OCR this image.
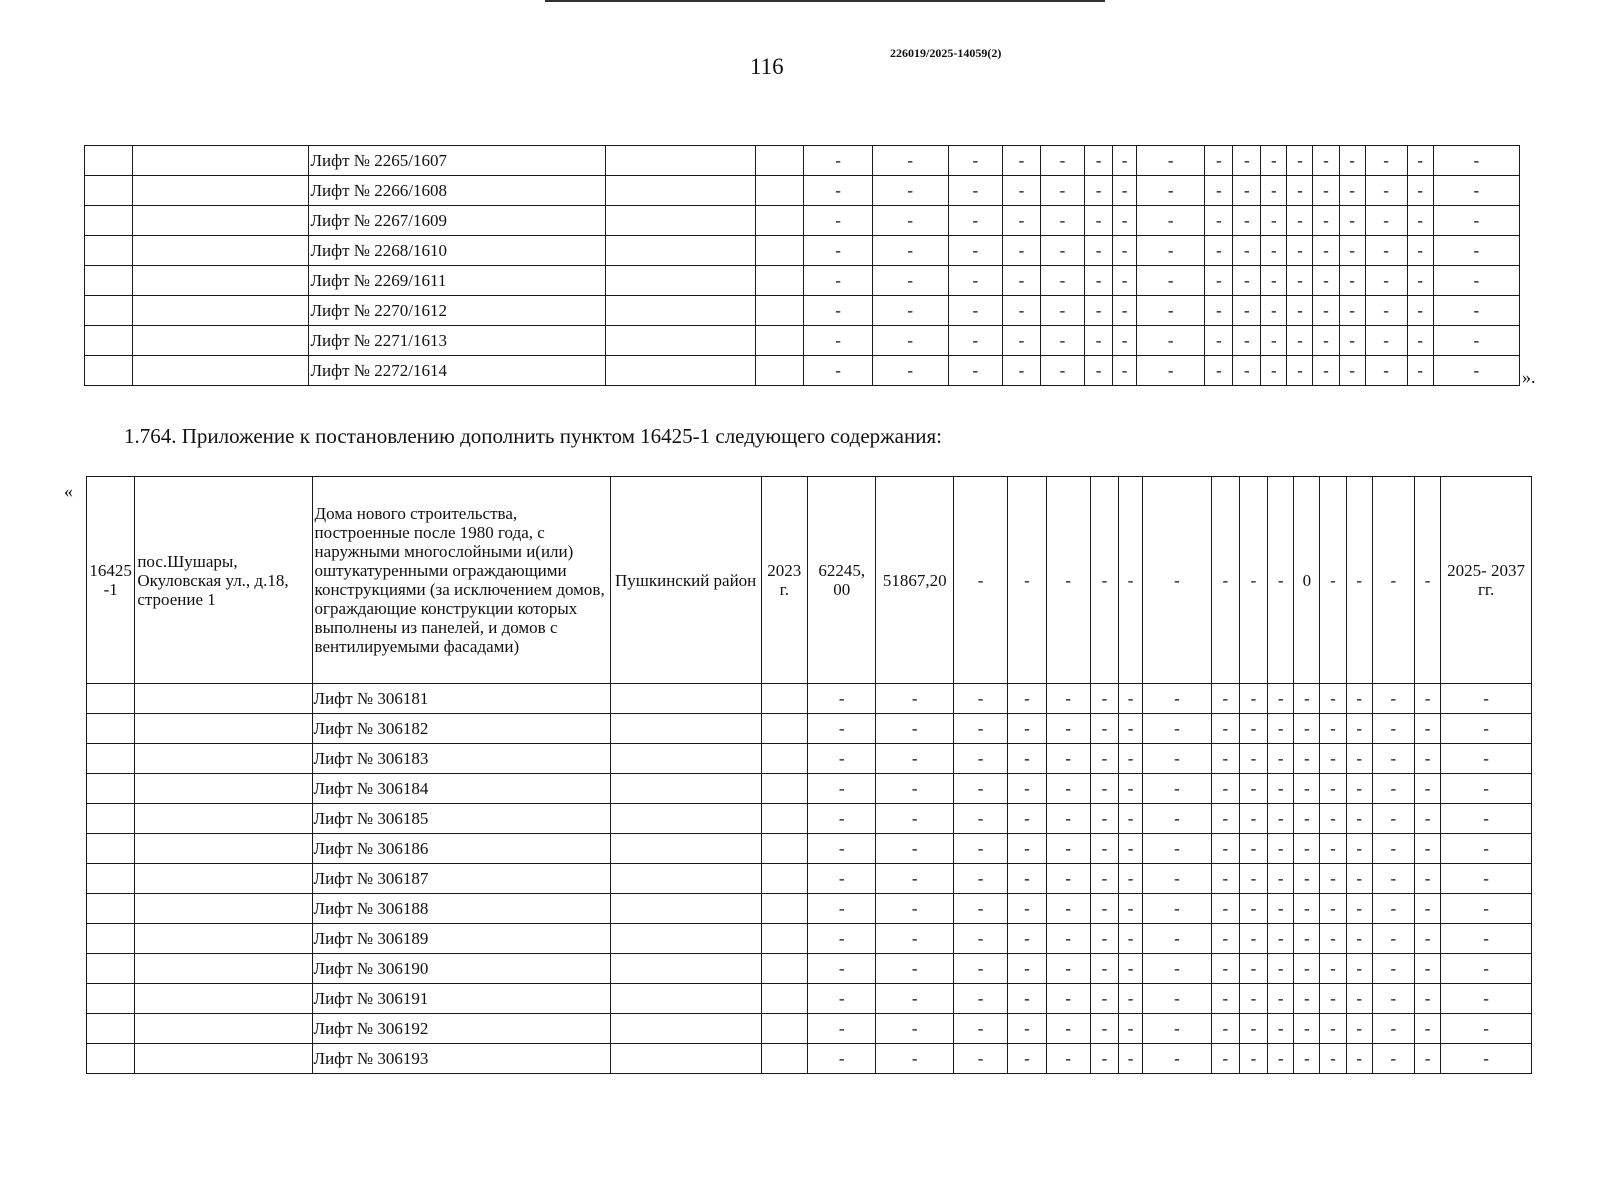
116
226019/2025-14059(2)
		Лифт № 2265/1607			-	-	-	-	-	-	-	-	-	-	-	-	-	-	-	-	-
		Лифт № 2266/1608			-	-	-	-	-	-	-	-	-	-	-	-	-	-	-	-	-
		Лифт № 2267/1609			-	-	-	-	-	-	-	-	-	-	-	-	-	-	-	-	-
		Лифт № 2268/1610			-	-	-	-	-	-	-	-	-	-	-	-	-	-	-	-	-
		Лифт № 2269/1611			-	-	-	-	-	-	-	-	-	-	-	-	-	-	-	-	-
		Лифт № 2270/1612			-	-	-	-	-	-	-	-	-	-	-	-	-	-	-	-	-
		Лифт № 2271/1613			-	-	-	-	-	-	-	-	-	-	-	-	-	-	-	-	-
		Лифт № 2272/1614			-	-	-	-	-	-	-	-	-	-	-	-	-	-	-	-	- ».
1.764. Приложение к постановлению дополнить пунктом 16425-1 следующего содержания:
«
16425 -1	пос.Шушары, Окуловская ул., д.18, строение 1	Дома нового строительства, построенные после 1980 года, с наружными многослойными и(или) оштукатуренными ограждающими конструкциями (за исключением домов, ограждающие конструкции которых выполнены из панелей, и домов с вентилируемыми фасадами)	Пушкинский район	2023 г.	62245, 00	51867,20	-	-	-	-	-	-	-	-	-	0	-	-	-	-	2025- 2037 гг.
		Лифт № 306181			-	-	-	-	-	-	-	-	-	-	-	-	-	-	-	-	-
		Лифт № 306182			-	-	-	-	-	-	-	-	-	-	-	-	-	-	-	-	-
		Лифт № 306183			-	-	-	-	-	-	-	-	-	-	-	-	-	-	-	-	-
		Лифт № 306184			-	-	-	-	-	-	-	-	-	-	-	-	-	-	-	-	-
		Лифт № 306185			-	-	-	-	-	-	-	-	-	-	-	-	-	-	-	-	-
		Лифт № 306186			-	-	-	-	-	-	-	-	-	-	-	-	-	-	-	-	-
		Лифт № 306187			-	-	-	-	-	-	-	-	-	-	-	-	-	-	-	-	-
		Лифт № 306188			-	-	-	-	-	-	-	-	-	-	-	-	-	-	-	-	-
		Лифт № 306189			-	-	-	-	-	-	-	-	-	-	-	-	-	-	-	-	-
		Лифт № 306190			-	-	-	-	-	-	-	-	-	-	-	-	-	-	-	-	-
		Лифт № 306191			-	-	-	-	-	-	-	-	-	-	-	-	-	-	-	-	-
		Лифт № 306192			-	-	-	-	-	-	-	-	-	-	-	-	-	-	-	-	-
		Лифт № 306193			-	-	-	-	-	-	-	-	-	-	-	-	-	-	-	-	-
